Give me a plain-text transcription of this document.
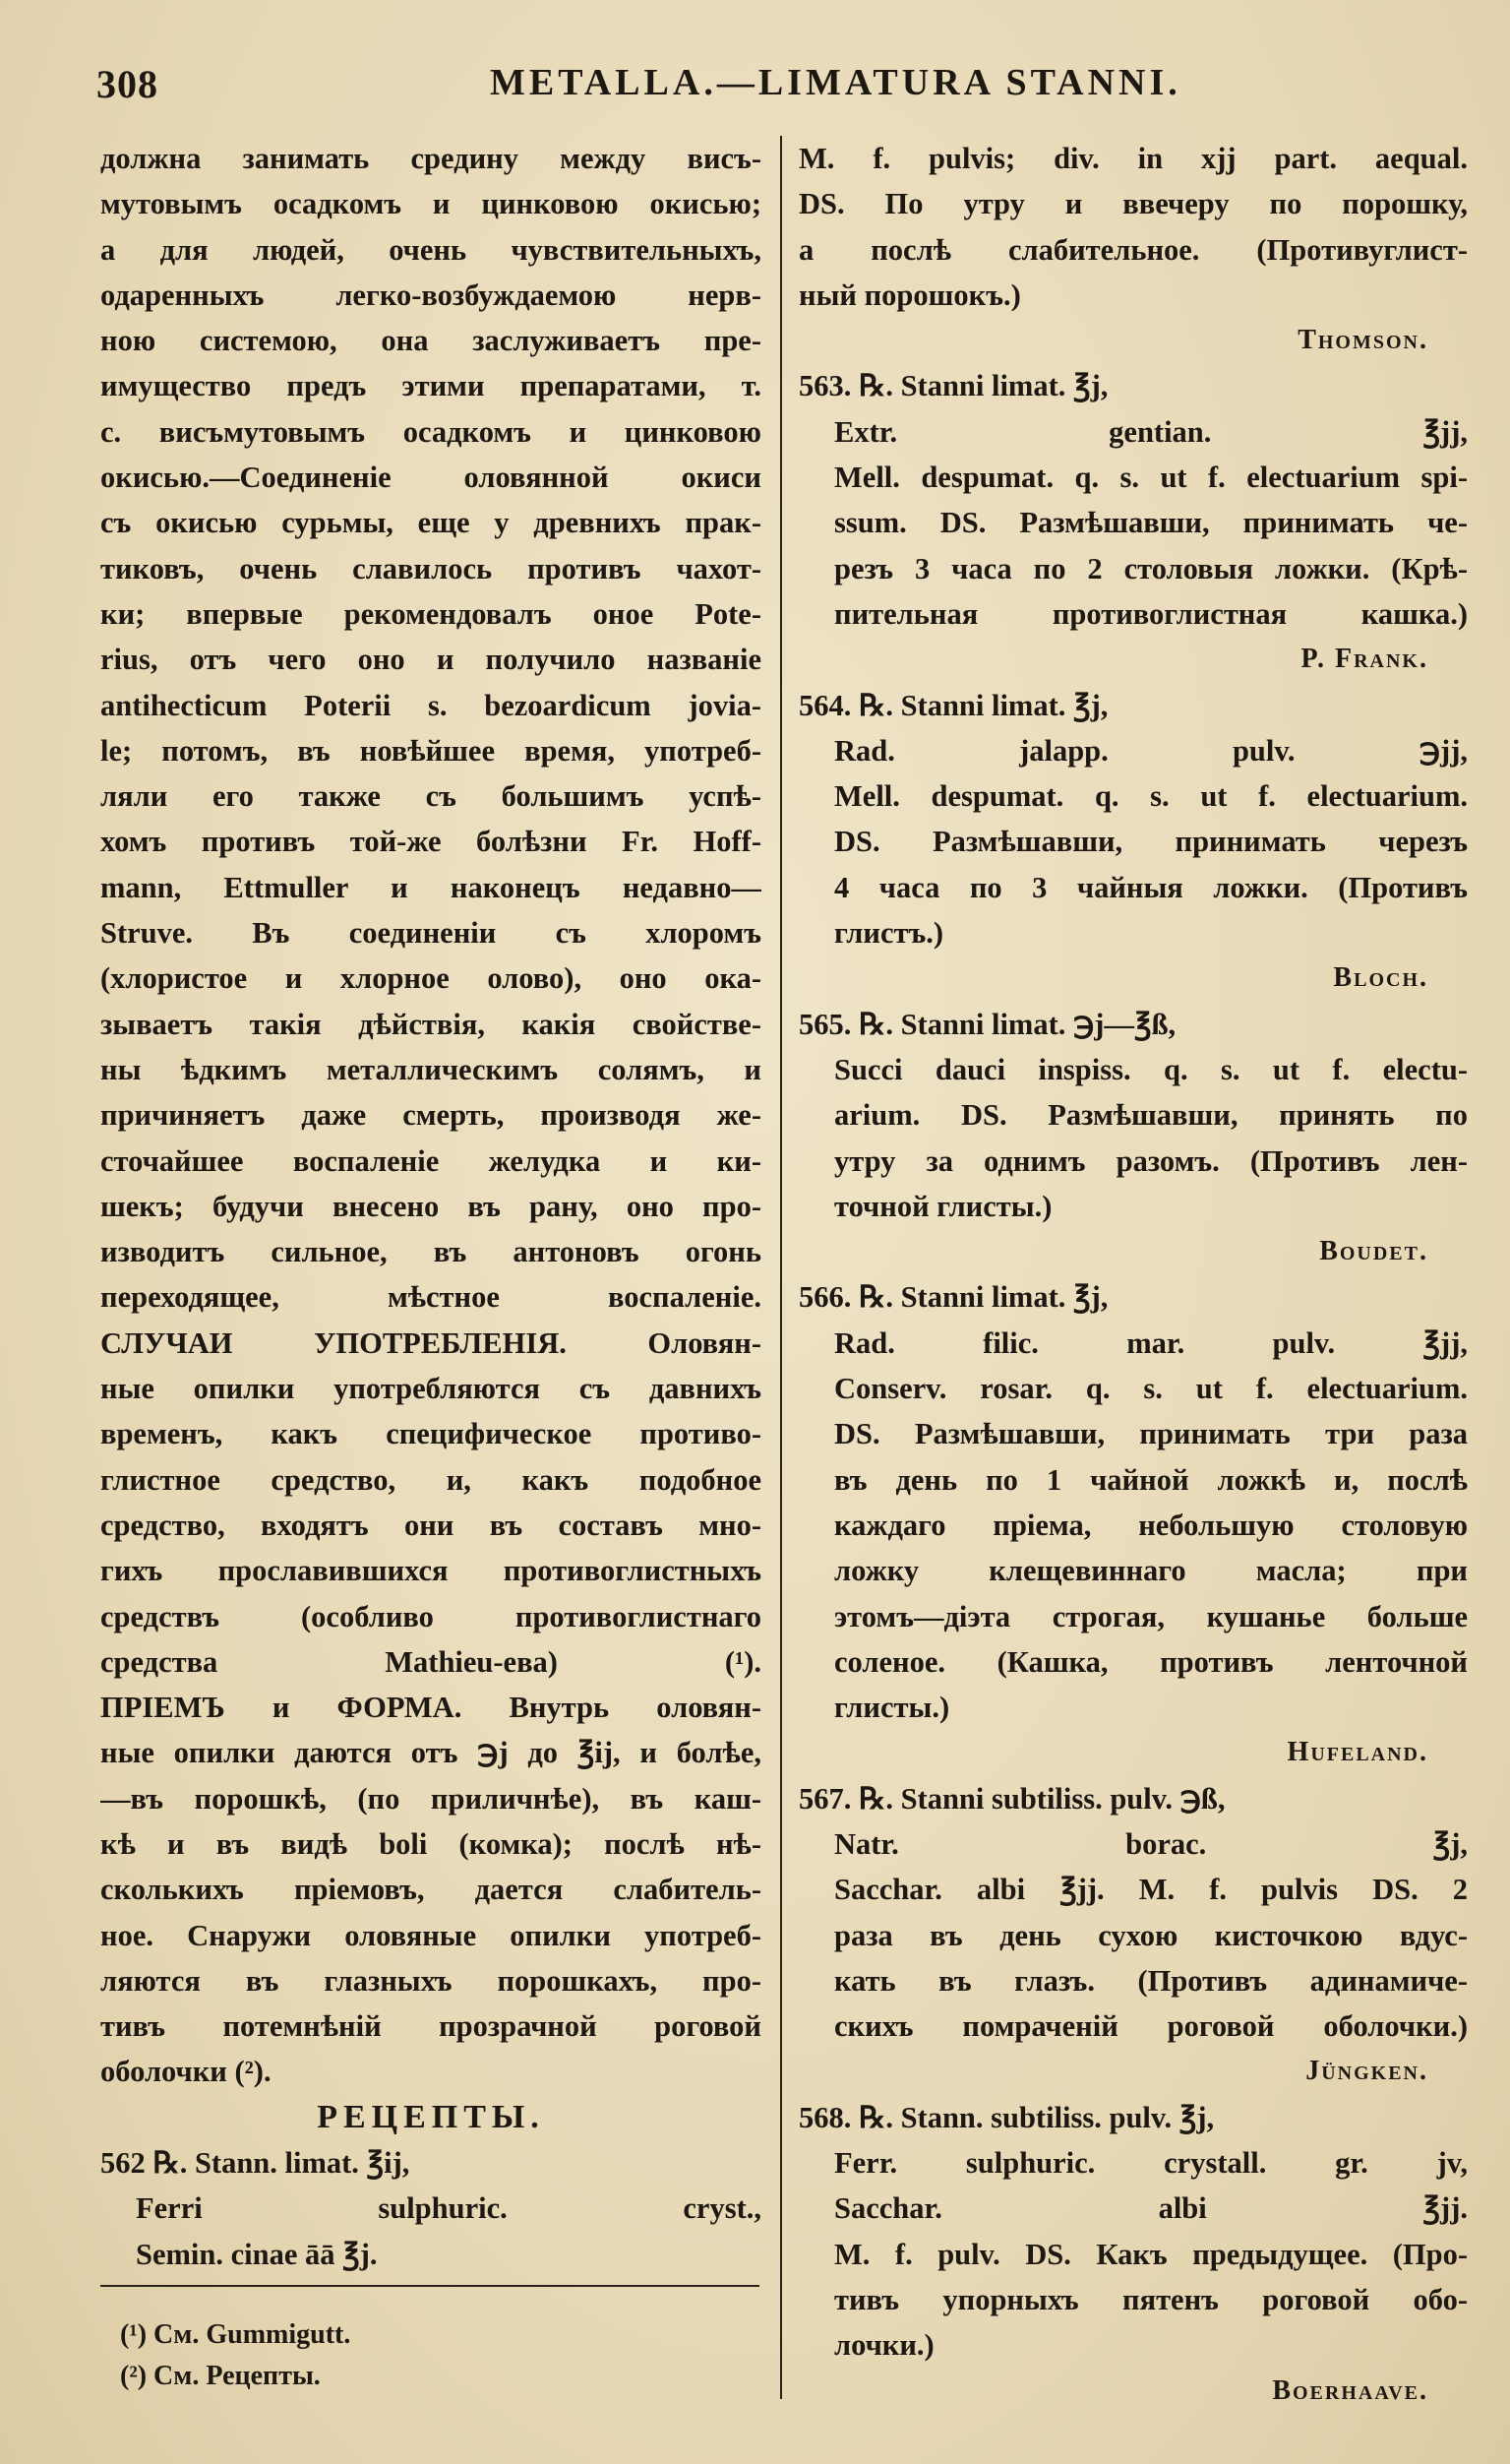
308	METALLA.—LIMATURA STANNI.
должна занимать средину между висъ-
мутовымъ осадкомъ и цинковою окисью;
а для людей, очень чувствительныхъ,
одаренныхъ легко-возбуждаемою нерв-
ною системою, она заслуживаетъ пре-
имущество предъ этими препаратами, т.
с. висъмутовымъ осадкомъ и цинковою
окисью.—Соединеніе оловянной окиси
съ окисью сурьмы, еще у древнихъ прак-
тиковъ, очень славилось противъ чахот-
ки; впервые рекомендовалъ оное Pote-
rius, отъ чего оно и получило названіе
antihecticum Poterii s. bezoardicum jovia-
le; потомъ, въ новѣйшее время, употреб-
ляли его также съ большимъ успѣ-
хомъ противъ той-же болѣзни Fr. Hoff-
mann, Ettmuller и наконецъ недавно—
Struve. Въ соединеніи съ хлоромъ
(хлористое и хлорное олово), оно ока-
зываетъ такія дѣйствія, какія свойстве-
ны ѣдкимъ металлическимъ солямъ, и
причиняетъ даже смерть, производя же-
сточайшее воспаленіе желудка и ки-
шекъ; будучи внесено въ рану, оно про-
изводитъ сильное, въ антоновъ огонь
переходящее, мѣстное воспаленіе.
СЛУЧАИ УПОТРЕБЛЕНІЯ. Оловян-
ные опилки употребляются съ давнихъ
временъ, какъ специфическое противо-
глистное средство, и, какъ подобное
средство, входятъ они въ составъ мно-
гихъ прославившихся противоглистныхъ
средствъ (особливо противоглистнаго
средства Mathieu-ева) (¹).
ПРІЕМЪ и ФОРМА. Внутрь оловян-
ные опилки даются отъ ℈j до ℥ij, и болѣе,
—въ порошкѣ, (по приличнѣе), въ каш-
кѣ и въ видѣ boli (комка); послѣ нѣ-
сколькихъ пріемовъ, дается слабитель-
ное. Снаружи оловяные опилки употреб-
ляются въ глазныхъ порошкахъ, про-
тивъ потемнѣній прозрачной роговой
оболочки (²).
РЕЦЕПТЫ.
562 ℞. Stann. limat. ℥ij,
Ferri sulphuric. cryst.,
Semin. cinae āā ℥j.
M. f. pulvis; div. in xjj part. aequal.
DS. По утру и ввечеру по порошку,
а послѣ слабительное. (Противуглист-
ный порошокъ.)
Thomson.
563. ℞. Stanni limat. ℥j,
Extr. gentian. ℥jj,
Mell. despumat. q. s. ut f. electuarium spi-
ssum. DS. Размѣшавши, принимать че-
резъ 3 часа по 2 столовыя ложки. (Крѣ-
пительная противоглистная кашка.)
P. Frank.
564. ℞. Stanni limat. ℥j,
Rad. jalapp. pulv. ℈jj,
Mell. despumat. q. s. ut f. electuarium.
DS. Размѣшавши, принимать черезъ
4 часа по 3 чайныя ложки. (Противъ
глистъ.)
Bloch.
565. ℞. Stanni limat. ℈j—℥ß,
Succi dauci inspiss. q. s. ut f. electu-
arium. DS. Размѣшавши, принять по
утру за однимъ разомъ. (Противъ лен-
точной глисты.)
Boudet.
566. ℞. Stanni limat. ℥j,
Rad. filic. mar. pulv. ℥jj,
Conserv. rosar. q. s. ut f. electuarium.
DS. Размѣшавши, принимать три раза
въ день по 1 чайной ложкѣ и, послѣ
каждаго пріема, небольшую столовую
ложку клещевиннаго масла; при
этомъ—діэта строгая, кушанье больше
соленое. (Кашка, противъ ленточной
глисты.)
Hufeland.
567. ℞. Stanni subtiliss. pulv. ℈ß,
Natr. borac. ℥j,
Sacchar. albi ℥jj. M. f. pulvis DS. 2
раза въ день сухою кисточкою вдус-
кать въ глазъ. (Противъ адинамиче-
скихъ помраченій роговой оболочки.)
Jüngken.
568. ℞. Stann. subtiliss. pulv. ℥j,
Ferr. sulphuric. crystall. gr. jv,
Sacchar. albi ℥jj.
M. f. pulv. DS. Какъ предыдущее. (Про-
тивъ упорныхъ пятенъ роговой обо-
лочки.)
Boerhaave.
(¹) См. Gummigutt.
(²) См. Рецепты.
